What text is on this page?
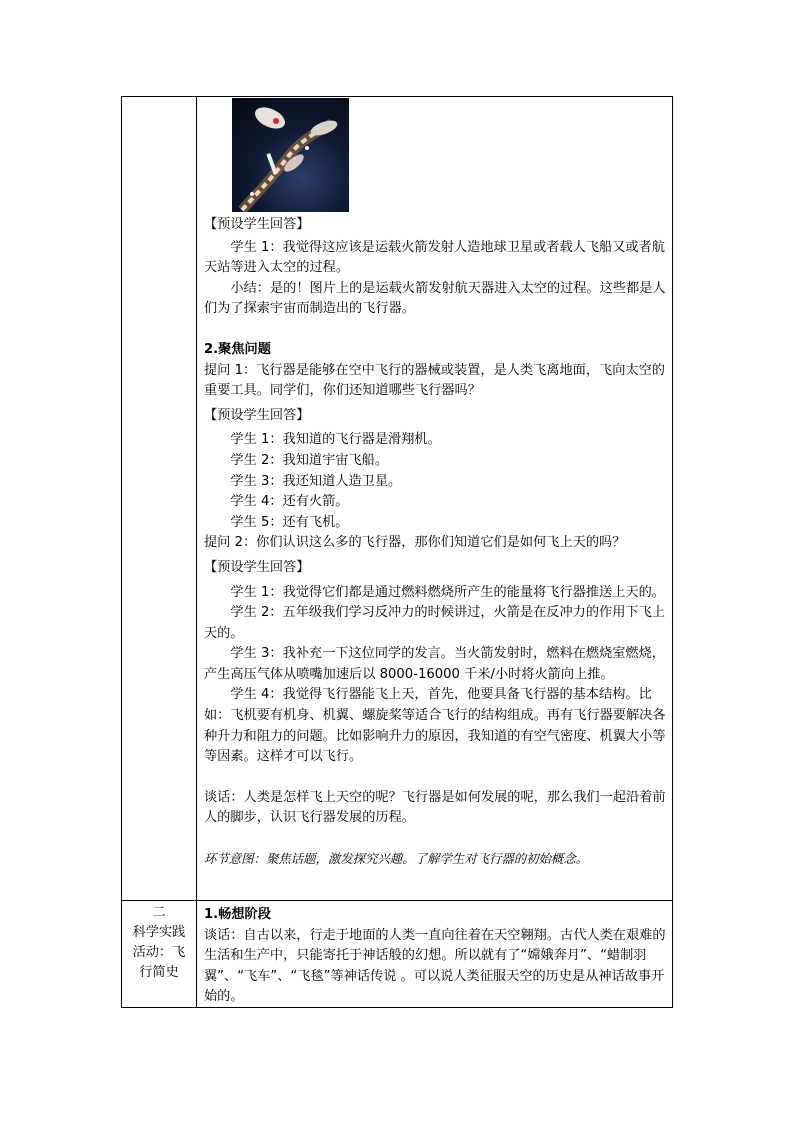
【预设学生回答】

学生 1：我觉得这应该是运载火箭发射人造地球卫星或者载人飞船又或者航天站等进入太空的过程。

小结：是的！图片上的是运载火箭发射航天器进入太空的过程。这些都是人们为了探索宇宙而制造出的飞行器。

2.聚焦问题

提问 1：飞行器是能够在空中飞行的器械或装置，是人类飞离地面，飞向太空的重要工具。同学们，你们还知道哪些飞行器吗？

【预设学生回答】

学生 1：我知道的飞行器是滑翔机。

学生 2：我知道宇宙飞船。

学生 3：我还知道人造卫星。

学生 4：还有火箭。

学生 5：还有飞机。

提问 2：你们认识这么多的飞行器，那你们知道它们是如何飞上天的吗？

【预设学生回答】

学生 1：我觉得它们都是通过燃料燃烧所产生的能量将飞行器推送上天的。

学生 2：五年级我们学习反冲力的时候讲过，火箭是在反冲力的作用下飞上天的。

学生 3：我补充一下这位同学的发言。当火箭发射时，燃料在燃烧室燃烧，产生高压气体从喷嘴加速后以 8000-16000 千米/小时将火箭向上推。

学生 4：我觉得飞行器能飞上天，首先，他要具备飞行器的基本结构。比如：飞机要有机身、机翼、螺旋桨等适合飞行的结构组成。再有飞行器要解决各种升力和阻力的问题。比如影响升力的原因，我知道的有空气密度、机翼大小等等因素。这样才可以飞行。

谈话：人类是怎样飞上天空的呢？飞行器是如何发展的呢，那么我们一起沿着前人的脚步，认识飞行器发展的历程。

环节意图：聚焦话题，激发探究兴趣。了解学生对飞行器的初始概念。

二
科学实践
活动：飞
行简史

1.畅想阶段

谈话：自古以来，行走于地面的人类一直向往着在天空翱翔。古代人类在艰难的生活和生产中，只能寄托于神话般的幻想。所以就有了“嫦娥奔月”、“蜡制羽翼”、“飞车”、“飞毯”等神话传说 。可以说人类征服天空的历史是从神话故事开始的。
